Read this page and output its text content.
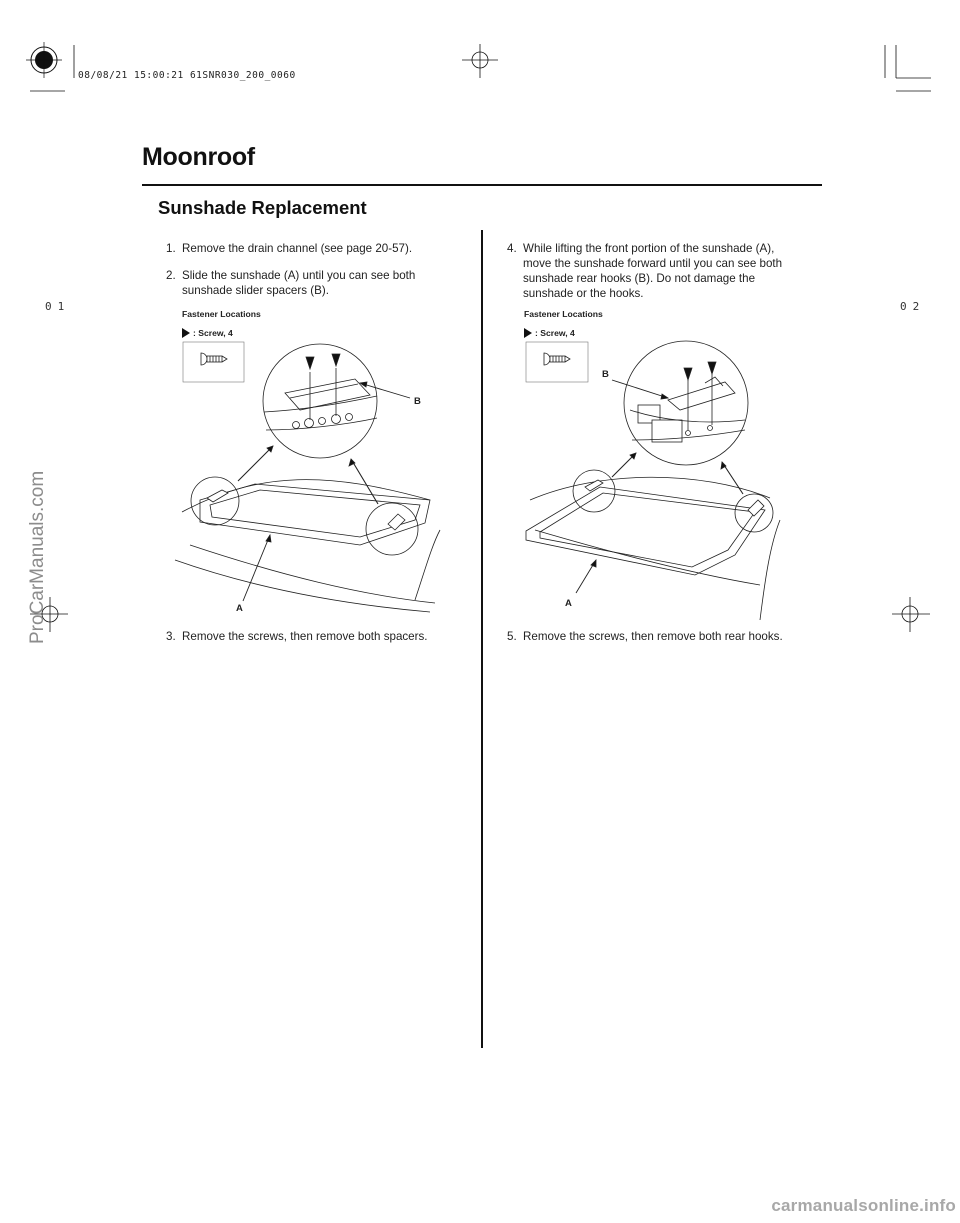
08/08/21 15:00:21 61SNR030_200_0060
Moonroof
Sunshade Replacement
1. Remove the drain channel (see page 20-57).
2. Slide the sunshade (A) until you can see both
sunshade slider spacers (B).
Fastener Locations
: Screw, 4
B
A
3. Remove the screws, then remove both spacers.
4. While lifting the front portion of the sunshade (A),
move the sunshade forward until you can see both
sunshade rear hooks (B). Do not damage the
sunshade or the hooks.
Fastener Locations
: Screw, 4
B
A
5. Remove the screws, then remove both rear hooks.
01	02
ProCarManuals.com
carmanualsonline.info
